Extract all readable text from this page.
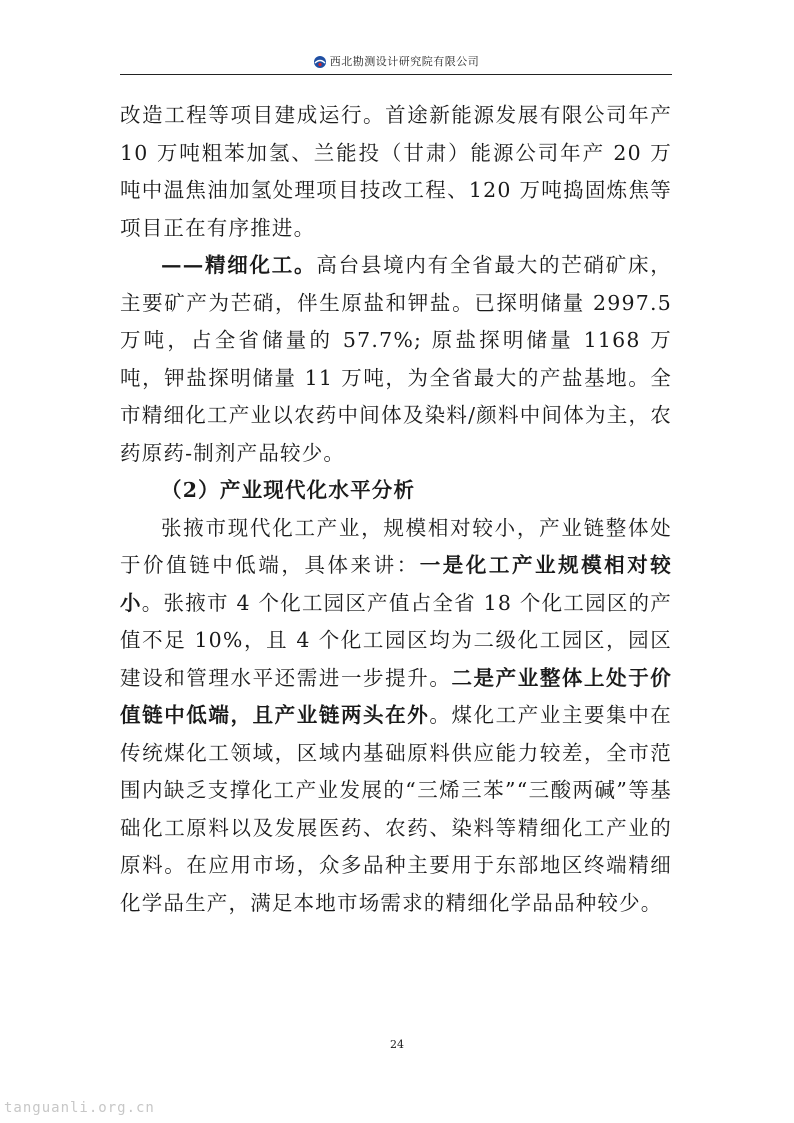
西北勘测设计研究院有限公司

改造工程等项目建成运行。首途新能源发展有限公司年产 10 万吨粗苯加氢、兰能投（甘肃）能源公司年产 20 万吨中温焦油加氢处理项目技改工程、120 万吨捣固炼焦等项目正在有序推进。

——精细化工。高台县境内有全省最大的芒硝矿床，主要矿产为芒硝，伴生原盐和钾盐。已探明储量 2997.5 万吨，占全省储量的 57.7%; 原盐探明储量 1168 万吨，钾盐探明储量 11 万吨，为全省最大的产盐基地。全市精细化工产业以农药中间体及染料/颜料中间体为主，农药原药-制剂产品较少。

（2）产业现代化水平分析

张掖市现代化工产业，规模相对较小，产业链整体处于价值链中低端，具体来讲：一是化工产业规模相对较小。张掖市 4 个化工园区产值占全省 18 个化工园区的产值不足 10%，且 4 个化工园区均为二级化工园区，园区建设和管理水平还需进一步提升。二是产业整体上处于价值链中低端，且产业链两头在外。煤化工产业主要集中在传统煤化工领域，区域内基础原料供应能力较差，全市范围内缺乏支撑化工产业发展的“三烯三苯”“三酸两碱”等基础化工原料以及发展医药、农药、染料等精细化工产业的原料。在应用市场，众多品种主要用于东部地区终端精细化学品生产，满足本地市场需求的精细化学品品种较少。

24
tanguanli.org.cn
